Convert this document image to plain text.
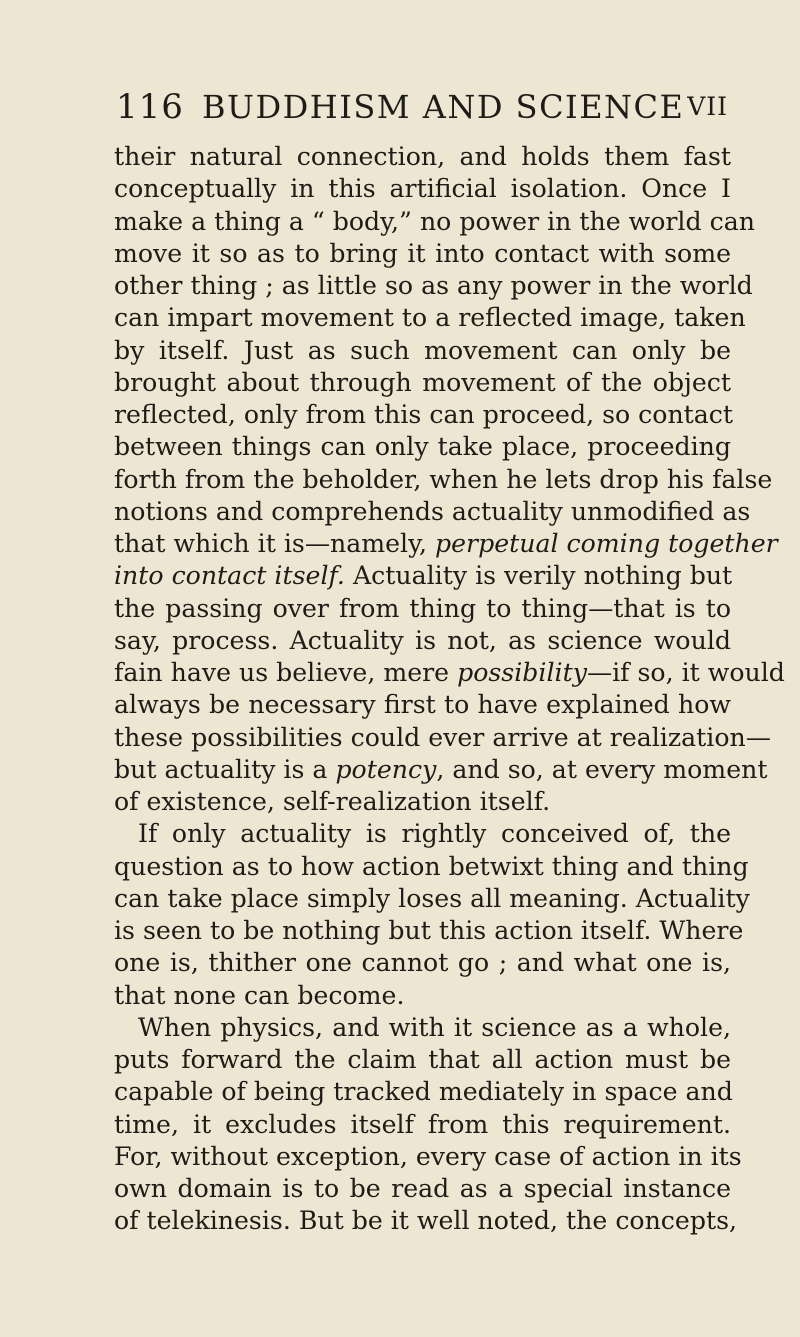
116 BUDDHISM AND SCIENCE VII
their natural connection, and holds them fast
conceptually in this artificial isolation. Once I
make a thing a “ body,” no power in the world can
move it so as to bring it into contact with some
other thing ; as little so as any power in the world
can impart movement to a reflected image, taken
by itself. Just as such movement can only be
brought about through movement of the object
reflected, only from this can proceed, so contact
between things can only take place, proceeding
forth from the beholder, when he lets drop his false
notions and comprehends actuality unmodified as
that which it is—namely, perpetual coming together
into contact itself. Actuality is verily nothing but
the passing over from thing to thing—that is to
say, process. Actuality is not, as science would
fain have us believe, mere possibility—if so, it would
always be necessary first to have explained how
these possibilities could ever arrive at realization—
but actuality is a potency, and so, at every moment
of existence, self-realization itself.
If only actuality is rightly conceived of, the
question as to how action betwixt thing and thing
can take place simply loses all meaning. Actuality
is seen to be nothing but this action itself. Where
one is, thither one cannot go ; and what one is,
that none can become.
When physics, and with it science as a whole,
puts forward the claim that all action must be
capable of being tracked mediately in space and
time, it excludes itself from this requirement.
For, without exception, every case of action in its
own domain is to be read as a special instance
of telekinesis. But be it well noted, the concepts,
